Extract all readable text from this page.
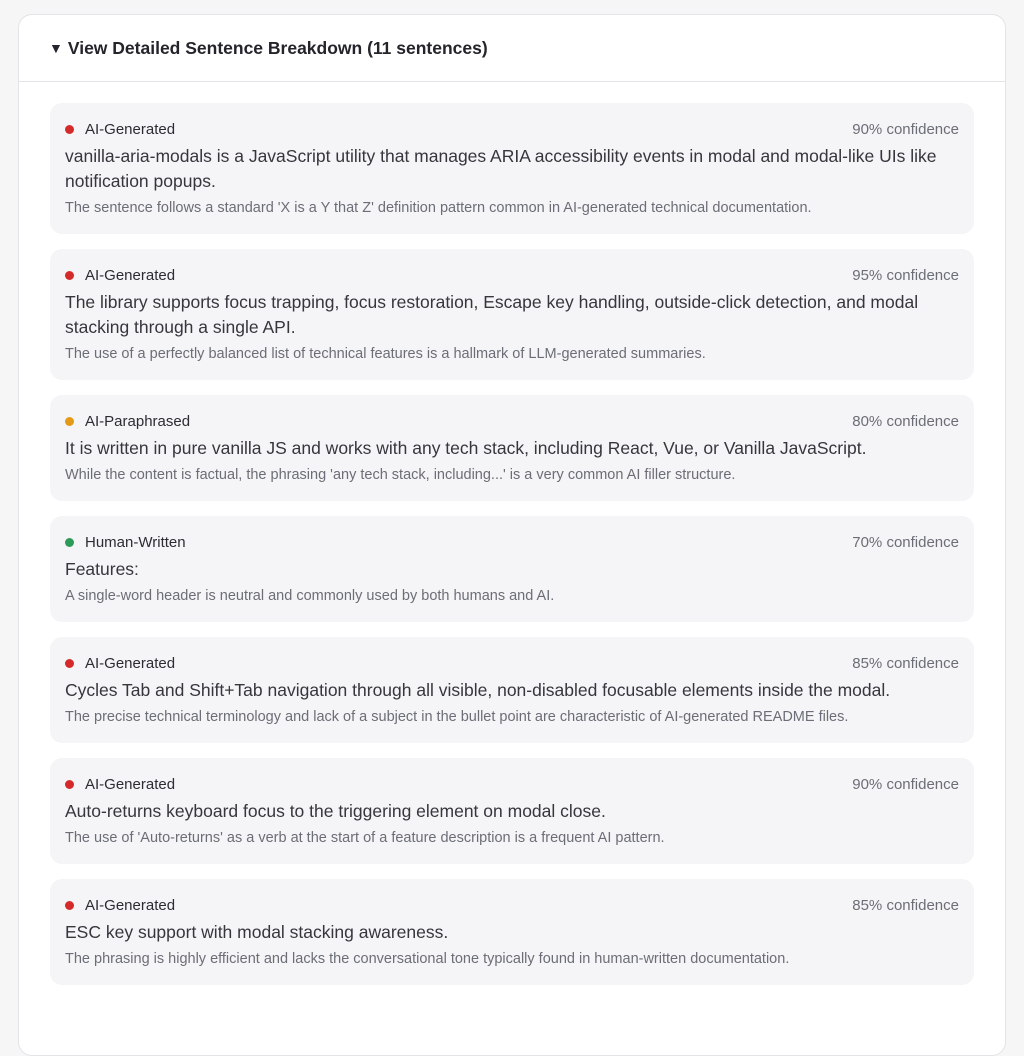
▼ View Detailed Sentence Breakdown (11 sentences)
AI-Generated	90% confidence
vanilla-aria-modals is a JavaScript utility that manages ARIA accessibility events in modal and modal-like UIs like notification popups.
The sentence follows a standard 'X is a Y that Z' definition pattern common in AI-generated technical documentation.
AI-Generated	95% confidence
The library supports focus trapping, focus restoration, Escape key handling, outside-click detection, and modal stacking through a single API.
The use of a perfectly balanced list of technical features is a hallmark of LLM-generated summaries.
AI-Paraphrased	80% confidence
It is written in pure vanilla JS and works with any tech stack, including React, Vue, or Vanilla JavaScript.
While the content is factual, the phrasing 'any tech stack, including...' is a very common AI filler structure.
Human-Written	70% confidence
Features:
A single-word header is neutral and commonly used by both humans and AI.
AI-Generated	85% confidence
Cycles Tab and Shift+Tab navigation through all visible, non-disabled focusable elements inside the modal.
The precise technical terminology and lack of a subject in the bullet point are characteristic of AI-generated README files.
AI-Generated	90% confidence
Auto-returns keyboard focus to the triggering element on modal close.
The use of 'Auto-returns' as a verb at the start of a feature description is a frequent AI pattern.
AI-Generated	85% confidence
ESC key support with modal stacking awareness.
The phrasing is highly efficient and lacks the conversational tone typically found in human-written documentation.
